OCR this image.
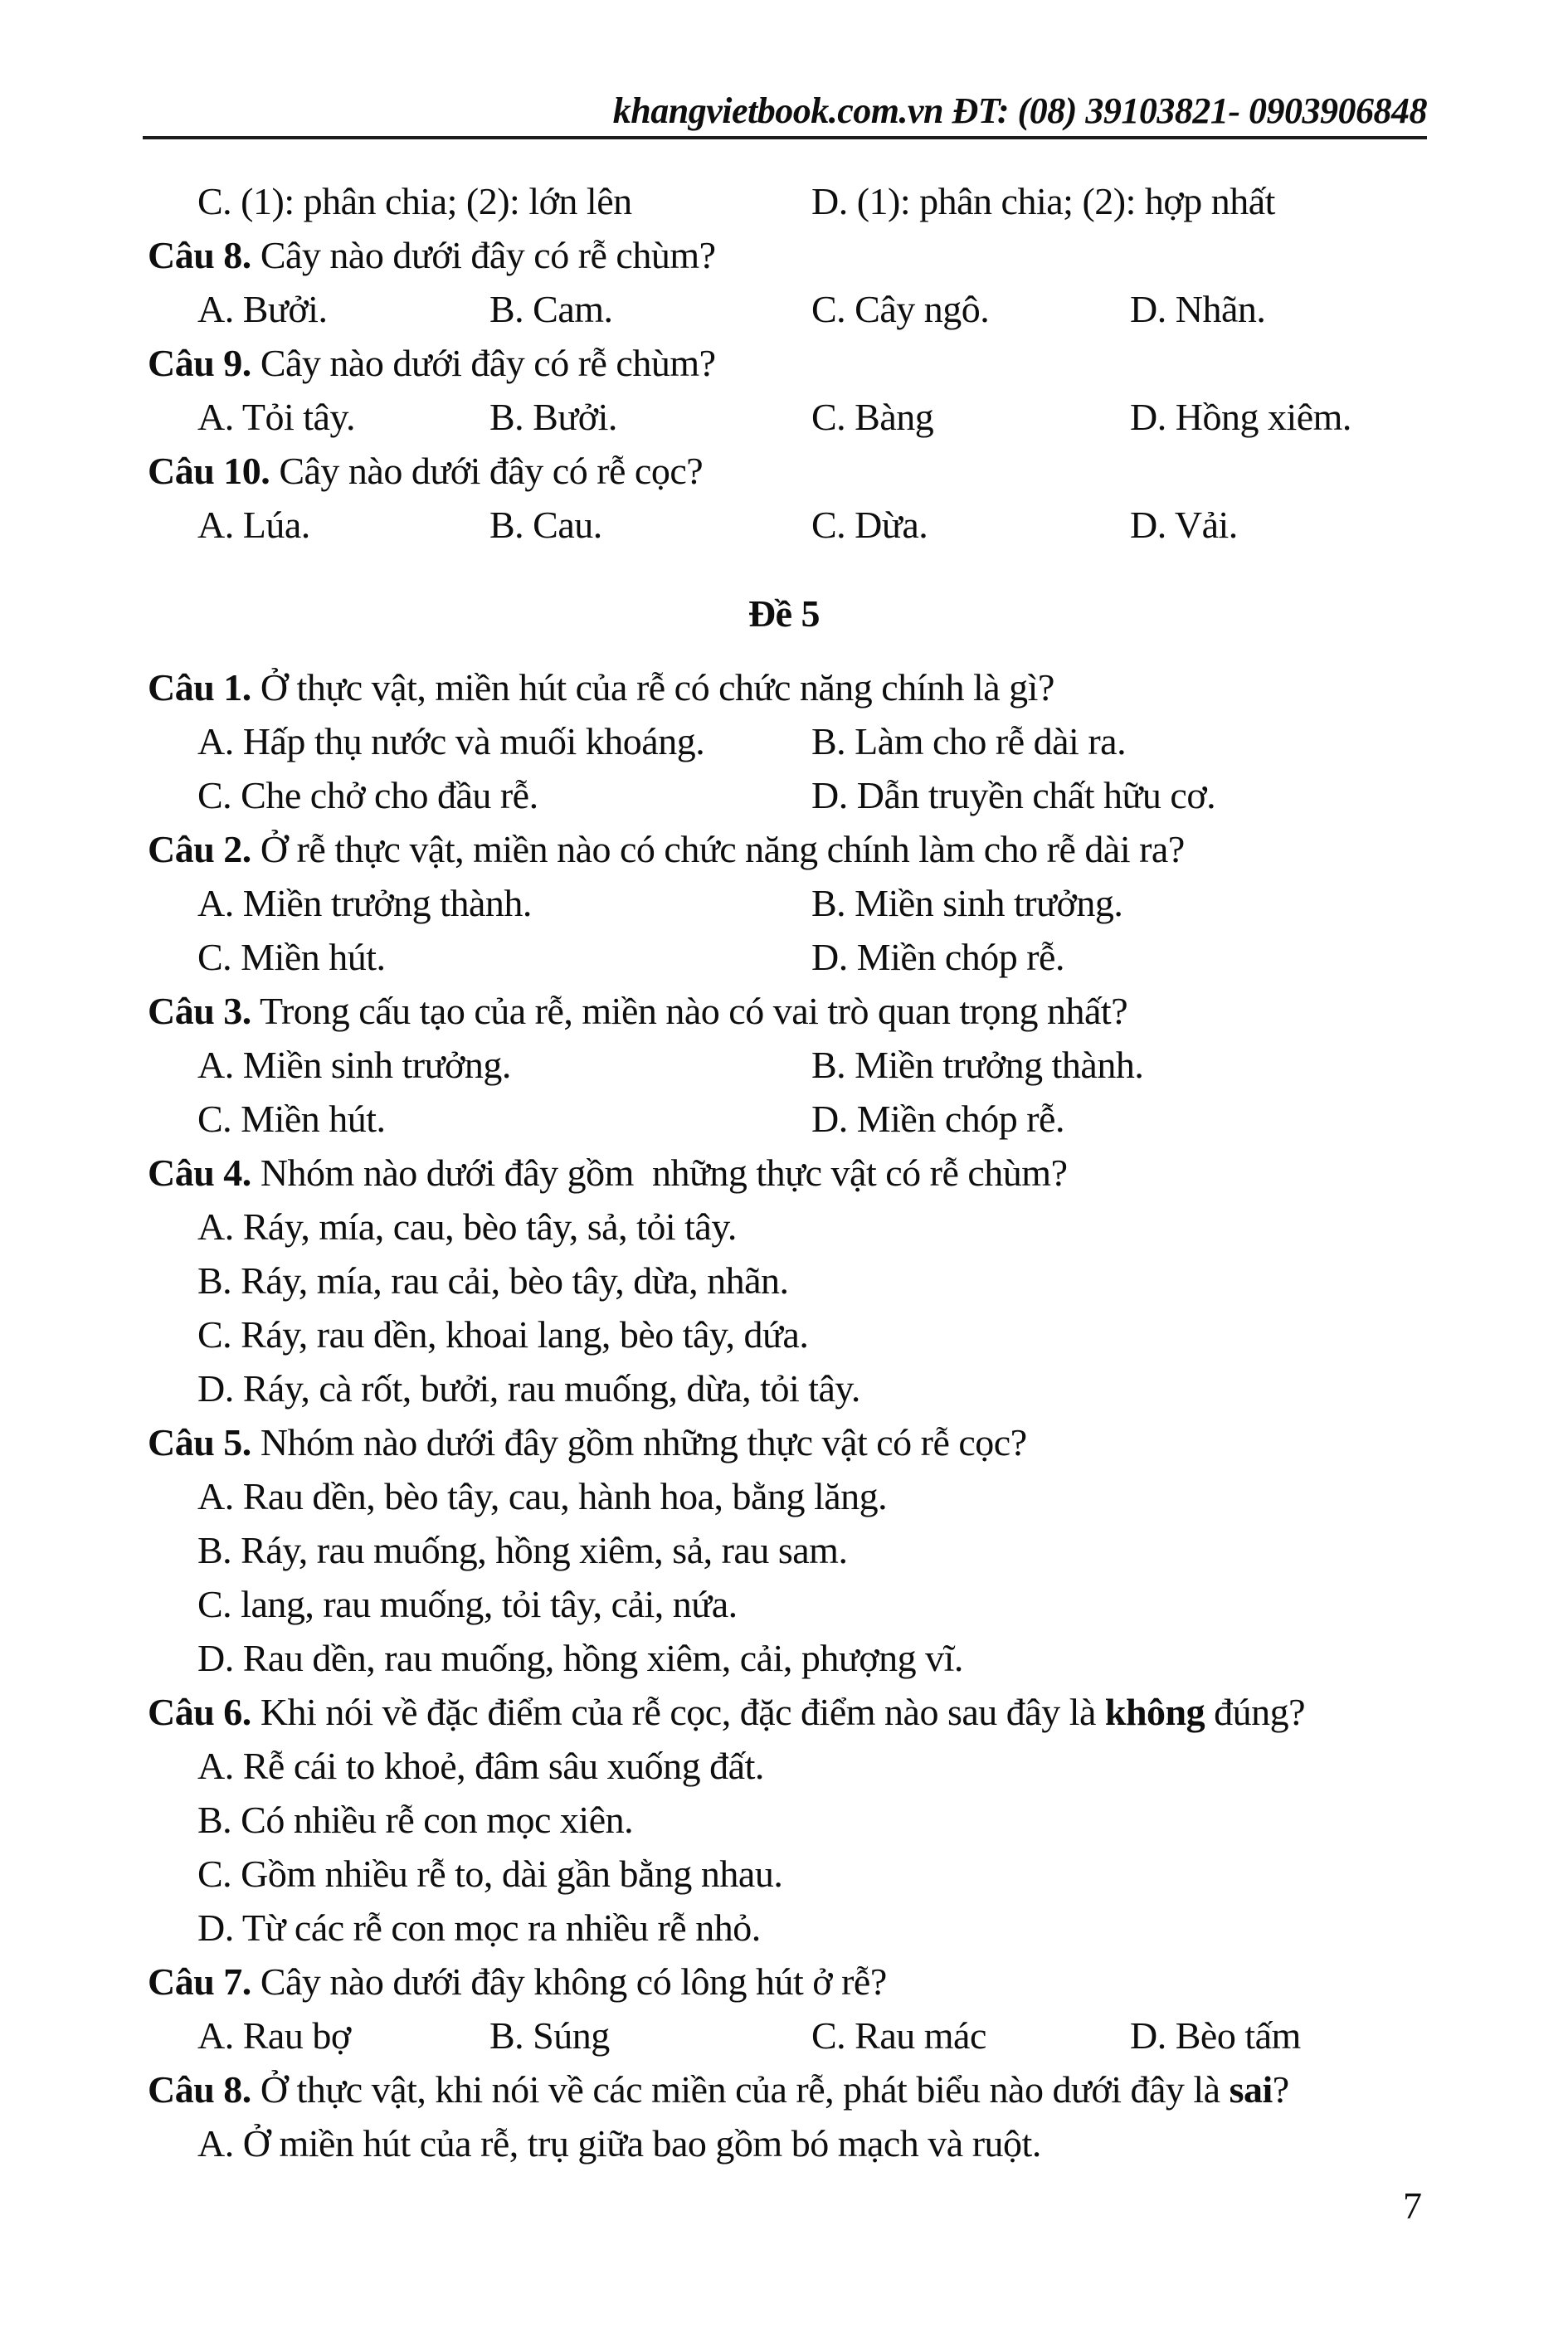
khangvietbook.com.vn ĐT: (08) 39103821- 0903906848
C. (1): phân chia; (2): lớn lên	D. (1): phân chia; (2): hợp nhất
Câu 8. Cây nào dưới đây có rễ chùm?
A. Bưởi.	B. Cam.	C. Cây ngô.	D. Nhãn.
Câu 9. Cây nào dưới đây có rễ chùm?
A. Tỏi tây.	B. Bưởi.	C. Bàng	D. Hồng xiêm.
Câu 10. Cây nào dưới đây có rễ cọc?
A. Lúa.	B. Cau.	C. Dừa.	D. Vải.
Đề 5
Câu 1. Ở thực vật, miền hút của rễ có chức năng chính là gì?
A. Hấp thụ nước và muối khoáng.	B. Làm cho rễ dài ra.
C. Che chở cho đầu rễ.	D. Dẫn truyền chất hữu cơ.
Câu 2. Ở rễ thực vật, miền nào có chức năng chính làm cho rễ dài ra?
A. Miền trưởng thành.	B. Miền sinh trưởng.
C. Miền hút.	D. Miền chóp rễ.
Câu 3. Trong cấu tạo của rễ, miền nào có vai trò quan trọng nhất?
A. Miền sinh trưởng.	B. Miền trưởng thành.
C. Miền hút.	D. Miền chóp rễ.
Câu 4. Nhóm nào dưới đây gồm  những thực vật có rễ chùm?
A. Ráy, mía, cau, bèo tây, sả, tỏi tây.
B. Ráy, mía, rau cải, bèo tây, dừa, nhãn.
C. Ráy, rau dền, khoai lang, bèo tây, dứa.
D. Ráy, cà rốt, bưởi, rau muống, dừa, tỏi tây.
Câu 5. Nhóm nào dưới đây gồm những thực vật có rễ cọc?
A. Rau dền, bèo tây, cau, hành hoa, bằng lăng.
B. Ráy, rau muống, hồng xiêm, sả, rau sam.
C. lang, rau muống, tỏi tây, cải, nứa.
D. Rau dền, rau muống, hồng xiêm, cải, phượng vĩ.
Câu 6. Khi nói về đặc điểm của rễ cọc, đặc điểm nào sau đây là không đúng?
A. Rễ cái to khoẻ, đâm sâu xuống đất.
B. Có nhiều rễ con mọc xiên.
C. Gồm nhiều rễ to, dài gần bằng nhau.
D. Từ các rễ con mọc ra nhiều rễ nhỏ.
Câu 7. Cây nào dưới đây không có lông hút ở rễ?
A. Rau bợ	B. Súng	C. Rau mác	D. Bèo tấm
Câu 8. Ở thực vật, khi nói về các miền của rễ, phát biểu nào dưới đây là sai?
A. Ở miền hút của rễ, trụ giữa bao gồm bó mạch và ruột.
7
